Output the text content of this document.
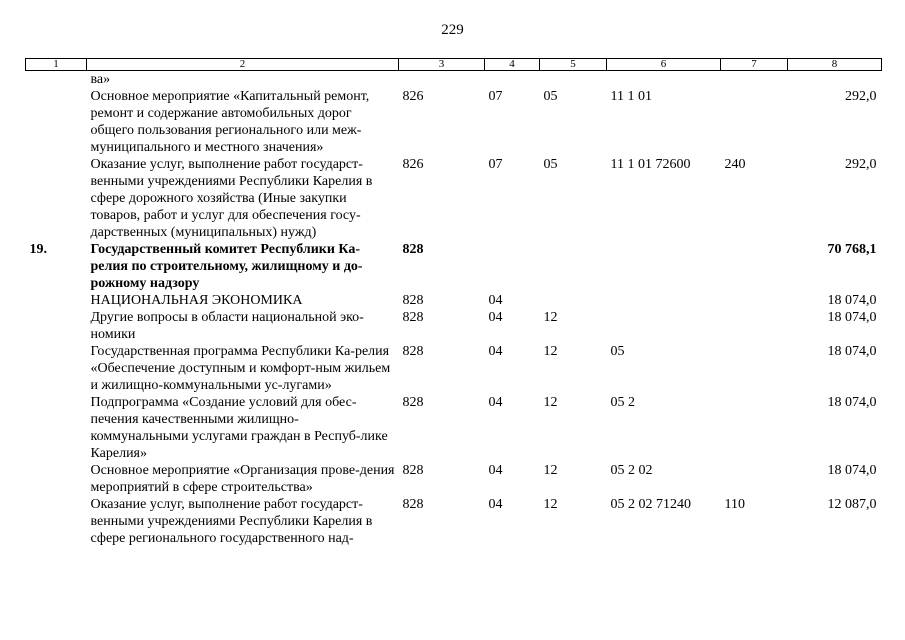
229
1	2	3	4	5	6	7	8
	ва»						
	Основное мероприятие «Капитальный ремонт, ремонт и содержание автомобильных дорог общего пользования региональногo или меж-муниципального и местного значения»	826	07	05	11 1 01		292,0
	Оказание услуг, выполнение работ государст-венными учреждениями Республики Карелия в сфере дорожного хозяйства (Иные закупки товаров, работ и услуг для обеспечения госу-дарственных (муниципальных) нужд)	826	07	05	11 1 01 72600	240	292,0
19.	Государственный комитет Республики Ка-релия по строительному, жилищному и до-рожному надзору	828					70 768,1
	НАЦИОНАЛЬНАЯ ЭКОНОМИКА	828	04				18 074,0
	Другие вопросы в области национальной эко-номики	828	04	12			18 074,0
	Государственная программа Республики Ка-релия «Обеспечение доступным и комфорт-ным жильем и жилищно-коммунальными ус-лугами»	828	04	12	05		18 074,0
	Подпрограмма «Создание условий для обес-печения качественными жилищно-коммунальными услугами граждан в Респуб-лике Карелия»	828	04	12	05 2		18 074,0
	Основное мероприятие «Организация прове-дения мероприятий в сфере строительства»	828	04	12	05 2 02		18 074,0
	Оказание услуг, выполнение работ государст-венными учреждениями Республики Карелия в сфере регионального государственного над-	828	04	12	05 2 02 71240	110	12 087,0
